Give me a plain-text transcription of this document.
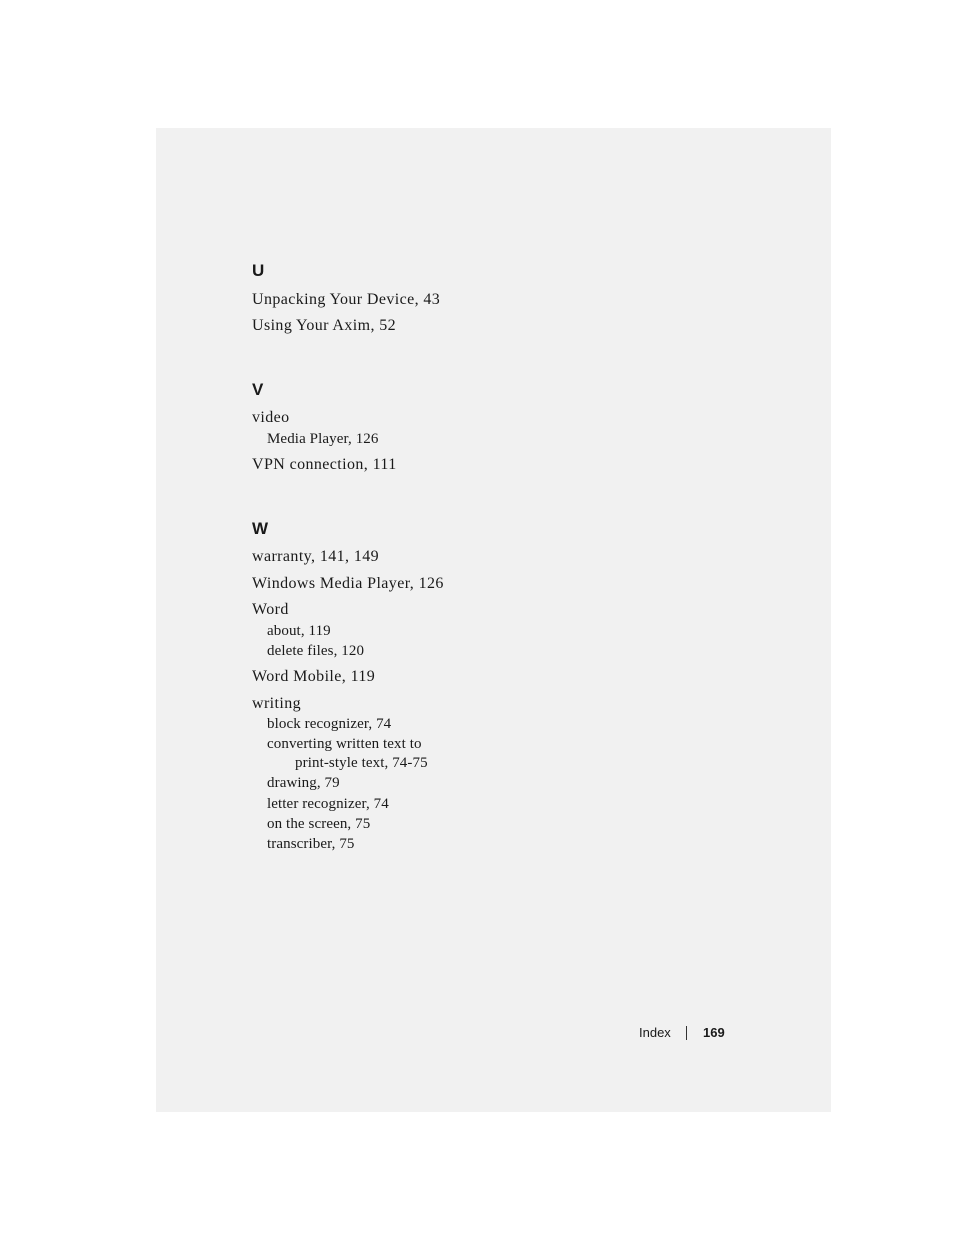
U
Unpacking Your Device, 43
Using Your Axim, 52
V
video
Media Player, 126
VPN connection, 111
W
warranty, 141, 149
Windows Media Player, 126
Word
about, 119
delete files, 120
Word Mobile, 119
writing
block recognizer, 74
converting written text to
print-style text, 74-75
drawing, 79
letter recognizer, 74
on the screen, 75
transcriber, 75
Index 169
